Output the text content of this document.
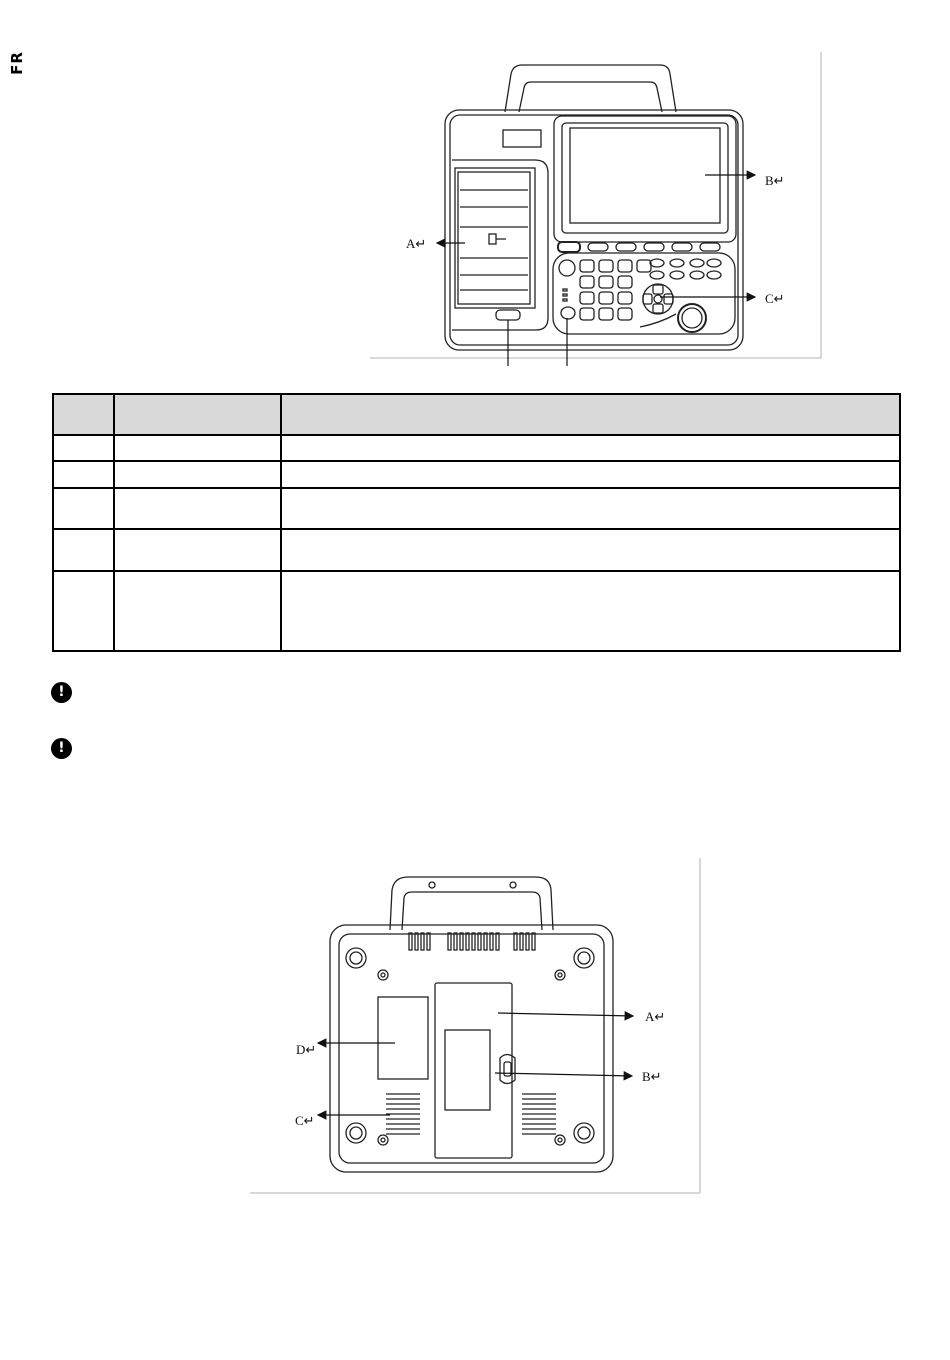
FR
A↵
B↵
C↵

!
!
A↵
B↵
C↵
D↵
